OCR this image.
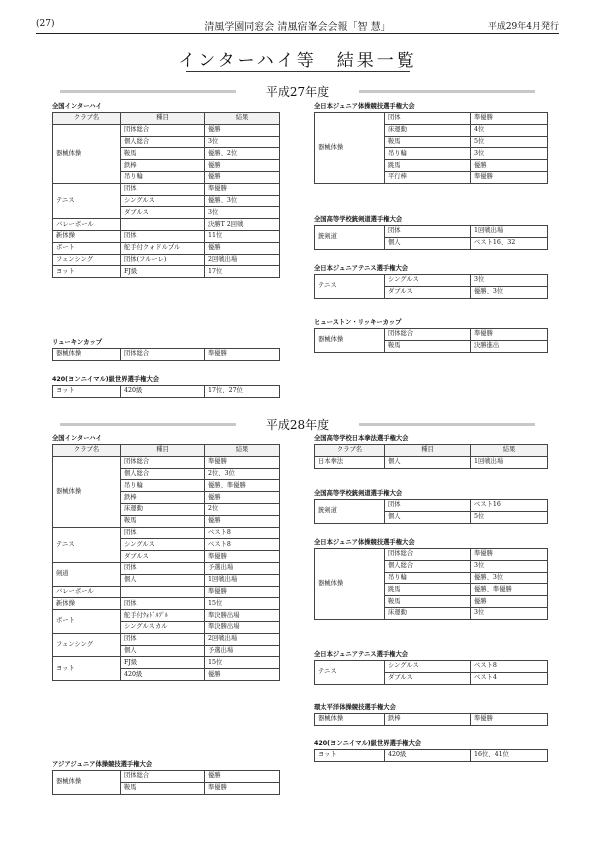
(27)	清風学園同窓会 清風宿峯会会報「智 慧」	平成29年4月発行
インターハイ等　結果一覧
平成27年度
平成28年度
全国インターハイ
クラブ名	種目	結果
器械体操	団体総合	優勝
	個人総合	3位
	鞍馬	優勝、2位
	鉄棒	優勝
	吊り輪	優勝
テニス	団体	準優勝
	シングルス	優勝、3位
	ダブルス	3位
バレーボール		決勝T 2回戦
新体操	団体	11位
ボート	舵手付クォドルプル	優勝
フェンシング	団体(フルーレ)	2回戦出場
ヨット	FJ級	17位
リューキンカップ
器械体操	団体総合	準優勝
420(ヨンニイマル)級世界選手権大会
ヨット	420級	17位、27位
全日本ジュニア体操競技選手権大会
器械体操	団体	準優勝
	床運動	4位
	鞍馬	5位
	吊り輪	3位
	跳馬	優勝
	平行棒	準優勝
全国高等学校銃剣道選手権大会
銃剣道	団体	1回戦出場
	個人	ベスト16、32
全日本ジュニアテニス選手権大会
テニス	シングルス	3位
	ダブルス	優勝、3位
ヒューストン・リッキーカップ
器械体操	団体総合	準優勝
	鞍馬	決勝進出
全国インターハイ
クラブ名	種目	結果
器械体操	団体総合	準優勝
	個人総合	2位、3位
	吊り輪	優勝、準優勝
	鉄棒	優勝
	床運動	2位
	鞍馬	優勝
テニス	団体	ベスト8
	シングルス	ベスト8
	ダブルス	準優勝
剣道	団体	予選出場
	個人	1回戦出場
バレーボール		準優勝
新体操	団体	15位
ボート	舵手付ｸｫﾄﾞﾙﾌﾟﾙ	準決勝出場
	シングルスカル	準決勝出場
フェンシング	団体	2回戦出場
	個人	予選出場
ヨット	FJ級	15位
	420級	優勝
アジアジュニア体操競技選手権大会
器械体操	団体総合	優勝
	鞍馬	準優勝
全国高等学校日本拳法選手権大会
クラブ名	種目	結果
日本拳法	個人	1回戦出場
全国高等学校銃剣道選手権大会
銃剣道	団体	ベスト16
	個人	5位
全日本ジュニア体操競技選手権大会
器械体操	団体総合	準優勝
	個人総合	3位
	吊り輪	優勝、3位
	跳馬	優勝、準優勝
	鞍馬	優勝
	床運動	3位
全日本ジュニアテニス選手権大会
テニス	シングルス	ベスト8
	ダブルス	ベスト4
環太平洋体操競技選手権大会
器械体操	鉄棒	準優勝
420(ヨンニイマル)級世界選手権大会
ヨット	420級	16位、41位
